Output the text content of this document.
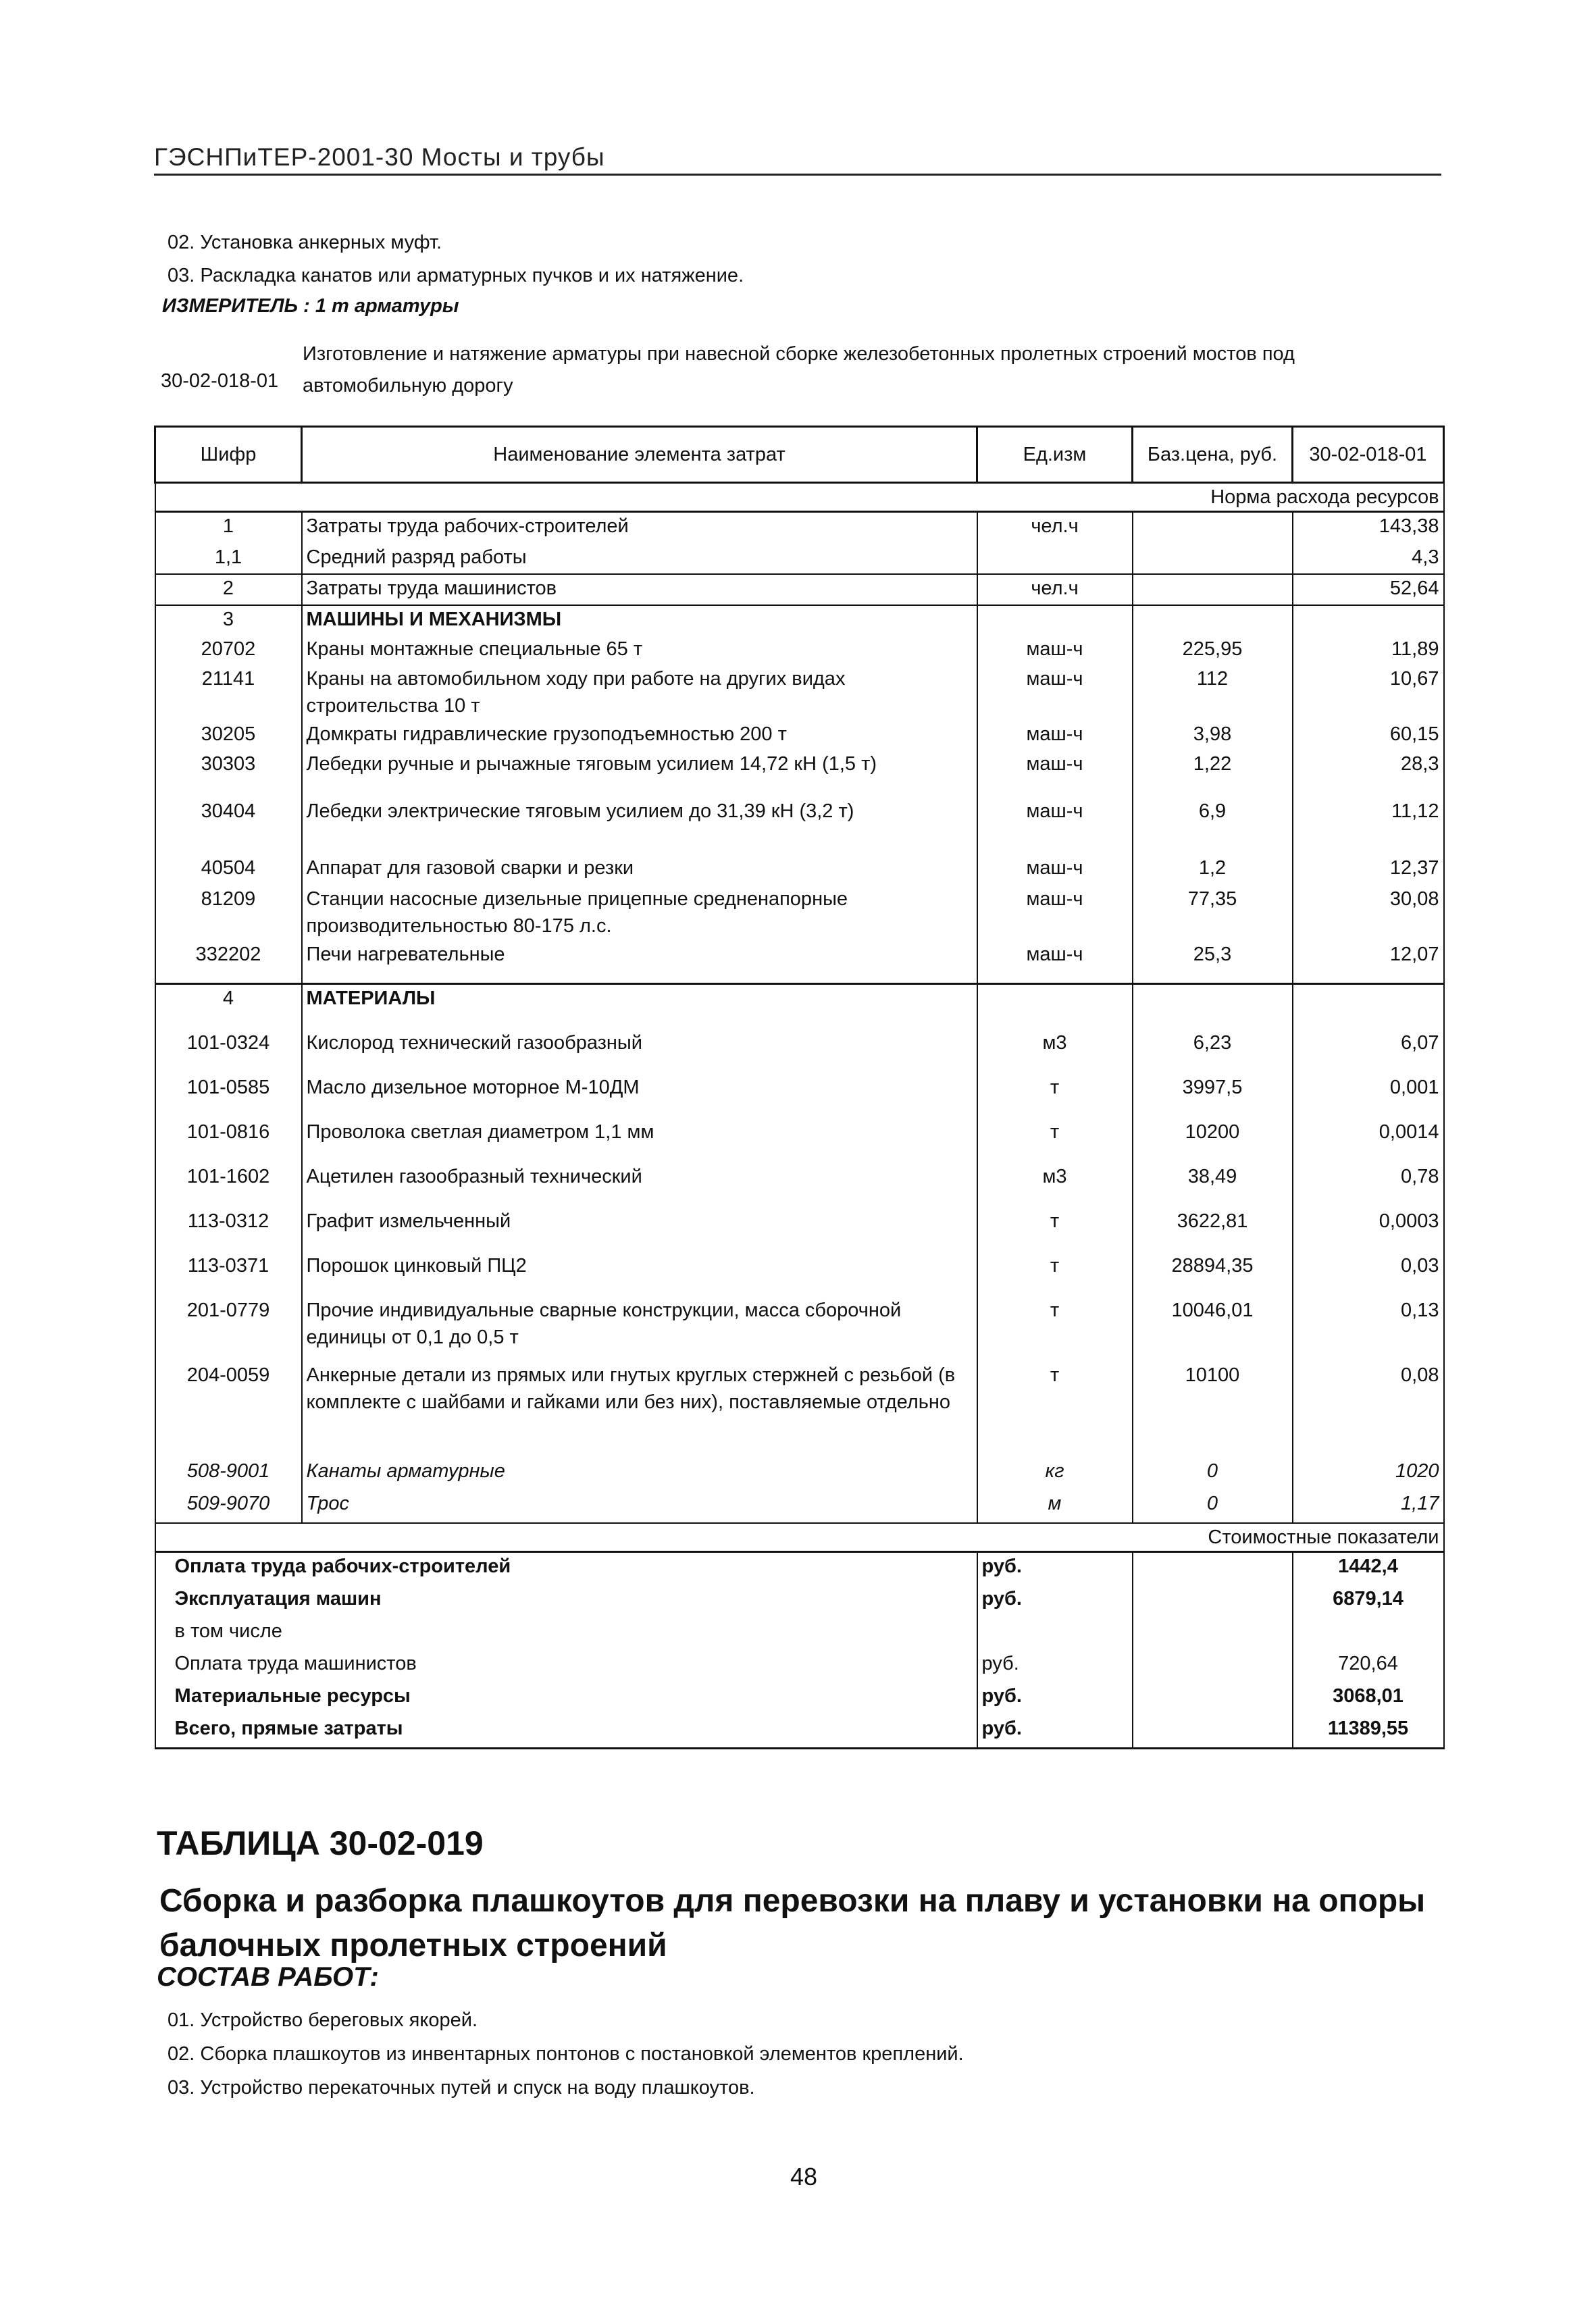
ГЭСНПиТЕР-2001-30 Мосты и трубы
02. Установка анкерных муфт.
03. Раскладка канатов или арматурных пучков и их натяжение.
ИЗМЕРИТЕЛЬ : 1 т арматуры
30-02-018-01
Изготовление и натяжение арматуры при навесной сборке железобетонных пролетных строений мостов под автомобильную дорогу
Шифр	Наименование элемента затрат	Ед.изм	Баз.цена, руб.	30-02-018-01
Норма расхода ресурсов				
1	Затраты труда рабочих-строителей	чел.ч		143,38
1,1	Средний разряд работы			4,3
2	Затраты труда машинистов	чел.ч		52,64
3	МАШИНЫ И МЕХАНИЗМЫ			
20702	Краны монтажные специальные 65 т	маш-ч	225,95	11,89
21141	Краны на автомобильном ходу при работе на других видах строительства 10 т	маш-ч	112	10,67
30205	Домкраты гидравлические грузоподъемностью 200 т	маш-ч	3,98	60,15
30303	Лебедки ручные и рычажные тяговым усилием 14,72 кН (1,5 т)	маш-ч	1,22	28,3
30404	Лебедки электрические тяговым усилием до 31,39 кН (3,2 т)	маш-ч	6,9	11,12
40504	Аппарат для газовой сварки и резки	маш-ч	1,2	12,37
81209	Станции насосные дизельные прицепные средненапорные производительностью 80-175 л.с.	маш-ч	77,35	30,08
332202	Печи нагревательные	маш-ч	25,3	12,07
4	МАТЕРИАЛЫ			
101-0324	Кислород технический газообразный	м3	6,23	6,07
101-0585	Масло дизельное моторное М-10ДМ	т	3997,5	0,001
101-0816	Проволока светлая диаметром 1,1 мм	т	10200	0,0014
101-1602	Ацетилен газообразный технический	м3	38,49	0,78
113-0312	Графит измельченный	т	3622,81	0,0003
113-0371	Порошок цинковый ПЦ2	т	28894,35	0,03
201-0779	Прочие индивидуальные сварные конструкции, масса сборочной единицы от 0,1 до 0,5 т	т	10046,01	0,13
204-0059	Анкерные детали из прямых или гнутых круглых стержней с резьбой (в комплекте с шайбами и гайками или без них), поставляемые отдельно	т	10100	0,08
508-9001	Канаты арматурные	кг	0	1020
509-9070	Трос	м	0	1,17
Стоимостные показатели				
Оплата труда рабочих-строителей		руб.		1442,4
Эксплуатация машин		руб.		6879,14
в том числе				
Оплата труда машинистов		руб.		720,64
Материальные ресурсы		руб.		3068,01
Всего, прямые затраты		руб.		11389,55
ТАБЛИЦА 30-02-019
Сборка и разборка плашкоутов для перевозки на плаву и установки на опоры балочных пролетных строений
СОСТАВ РАБОТ:
01. Устройство береговых якорей.
02. Сборка плашкоутов из инвентарных понтонов с постановкой элементов креплений.
03. Устройство перекаточных путей и спуск на воду плашкоутов.
48
